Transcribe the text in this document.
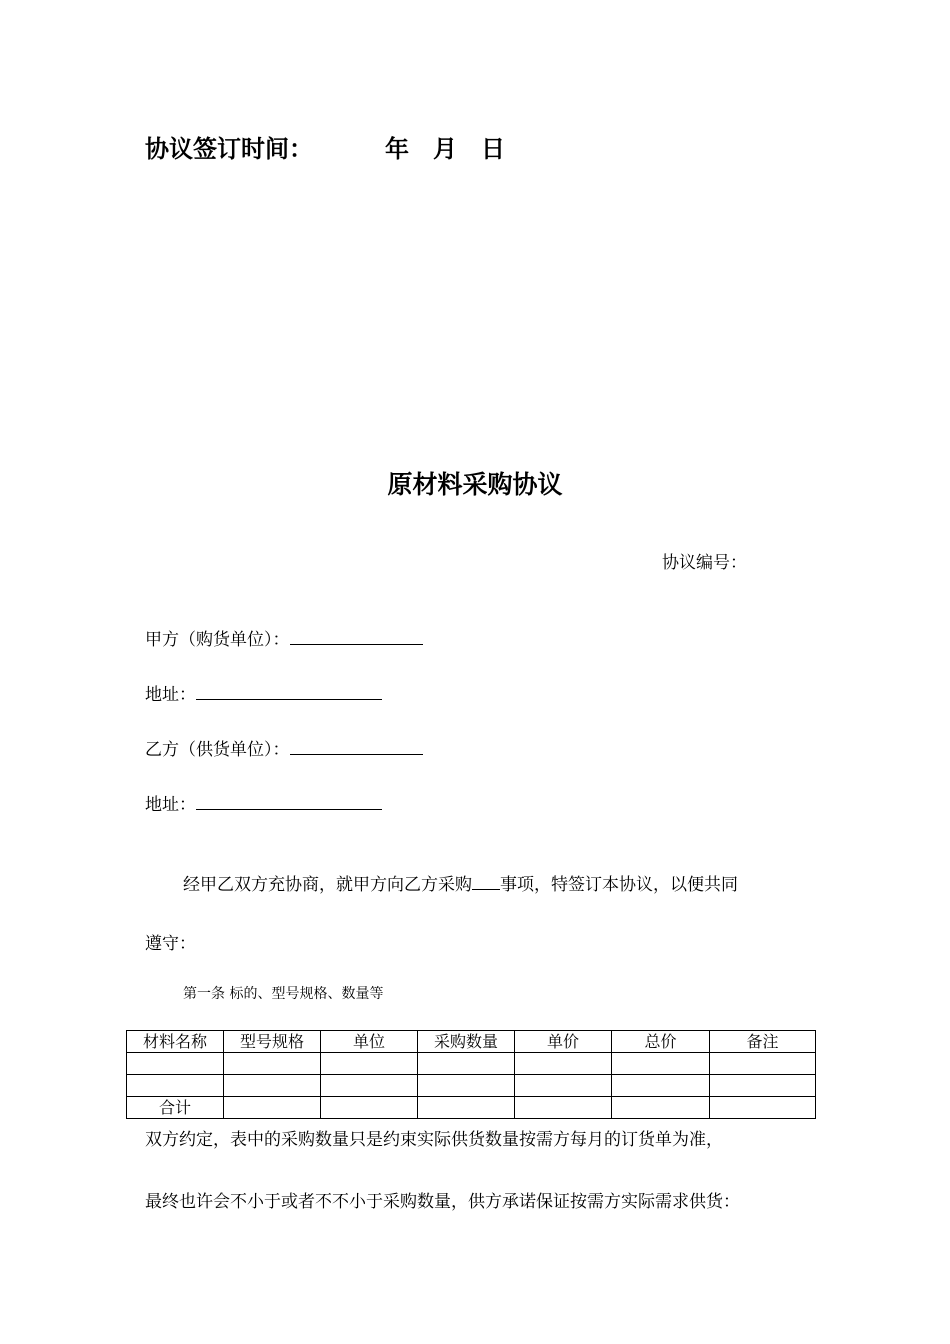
协议签订时间：	年 月 日
原材料采购协议
协议编号：
甲方（购货单位）：
地址：
乙方（供货单位）：
地址：
经甲乙双方充协商，就甲方向乙方采购 事项，特签订本协议，以便共同
遵守：
第一条 标的、型号规格、数量等
材料名称	型号规格	单位	采购数量	单价	总价	备注

合计						
双方约定，表中的采购数量只是约束实际供货数量按需方每月的订货单为准，
最终也许会不小于或者不不小于采购数量，供方承诺保证按需方实际需求供货：
